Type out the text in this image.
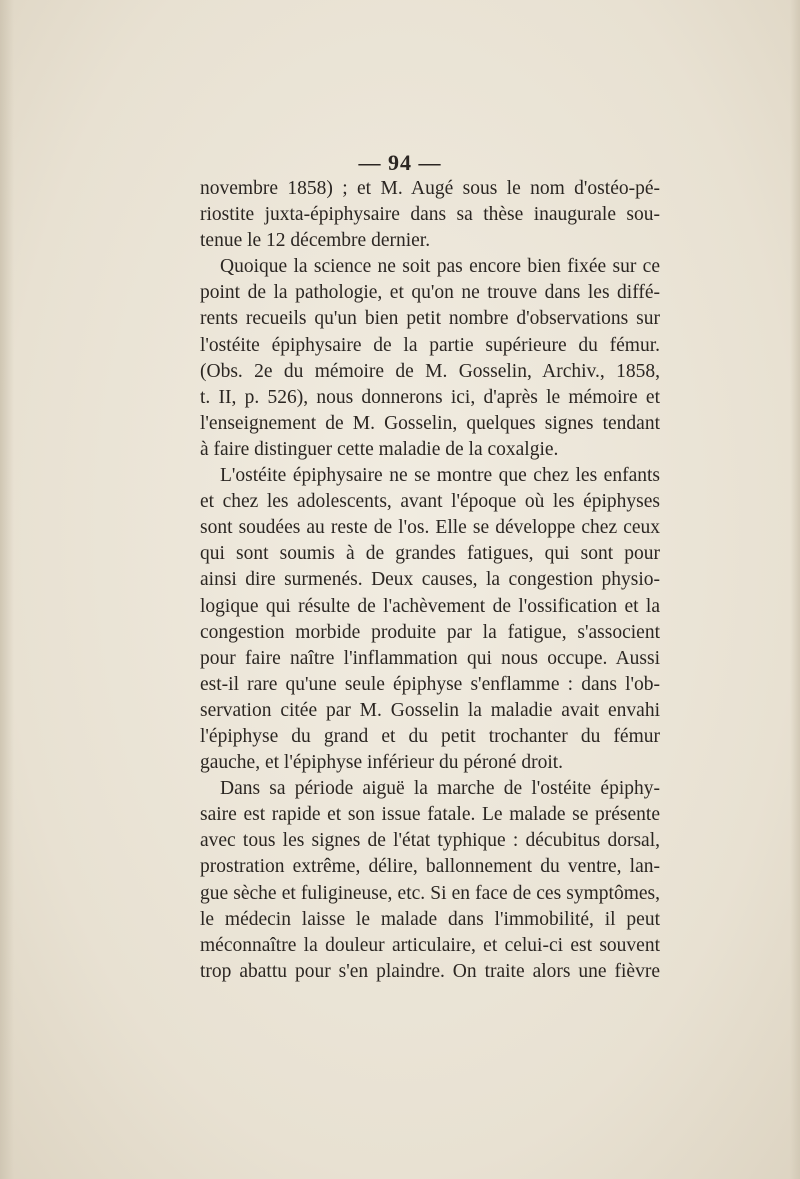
— 94 —
novembre 1858) ; et M. Augé sous le nom d'ostéo-pé-
riostite juxta-épiphysaire dans sa thèse inaugurale sou-
tenue le 12 décembre dernier.
Quoique la science ne soit pas encore bien fixée sur ce
point de la pathologie, et qu'on ne trouve dans les diffé-
rents recueils qu'un bien petit nombre d'observations sur
l'ostéite épiphysaire de la partie supérieure du fémur.
(Obs. 2e du mémoire de M. Gosselin, Archiv., 1858,
t. II, p. 526), nous donnerons ici, d'après le mémoire et
l'enseignement de M. Gosselin, quelques signes tendant
à faire distinguer cette maladie de la coxalgie.
L'ostéite épiphysaire ne se montre que chez les enfants
et chez les adolescents, avant l'époque où les épiphyses
sont soudées au reste de l'os. Elle se développe chez ceux
qui sont soumis à de grandes fatigues, qui sont pour
ainsi dire surmenés. Deux causes, la congestion physio-
logique qui résulte de l'achèvement de l'ossification et la
congestion morbide produite par la fatigue, s'associent
pour faire naître l'inflammation qui nous occupe. Aussi
est-il rare qu'une seule épiphyse s'enflamme : dans l'ob-
servation citée par M. Gosselin la maladie avait envahi
l'épiphyse du grand et du petit trochanter du fémur
gauche, et l'épiphyse inférieur du péroné droit.
Dans sa période aiguë la marche de l'ostéite épiphy-
saire est rapide et son issue fatale. Le malade se présente
avec tous les signes de l'état typhique : décubitus dorsal,
prostration extrême, délire, ballonnement du ventre, lan-
gue sèche et fuligineuse, etc. Si en face de ces symptômes,
le médecin laisse le malade dans l'immobilité, il peut
méconnaître la douleur articulaire, et celui-ci est souvent
trop abattu pour s'en plaindre. On traite alors une fièvre
